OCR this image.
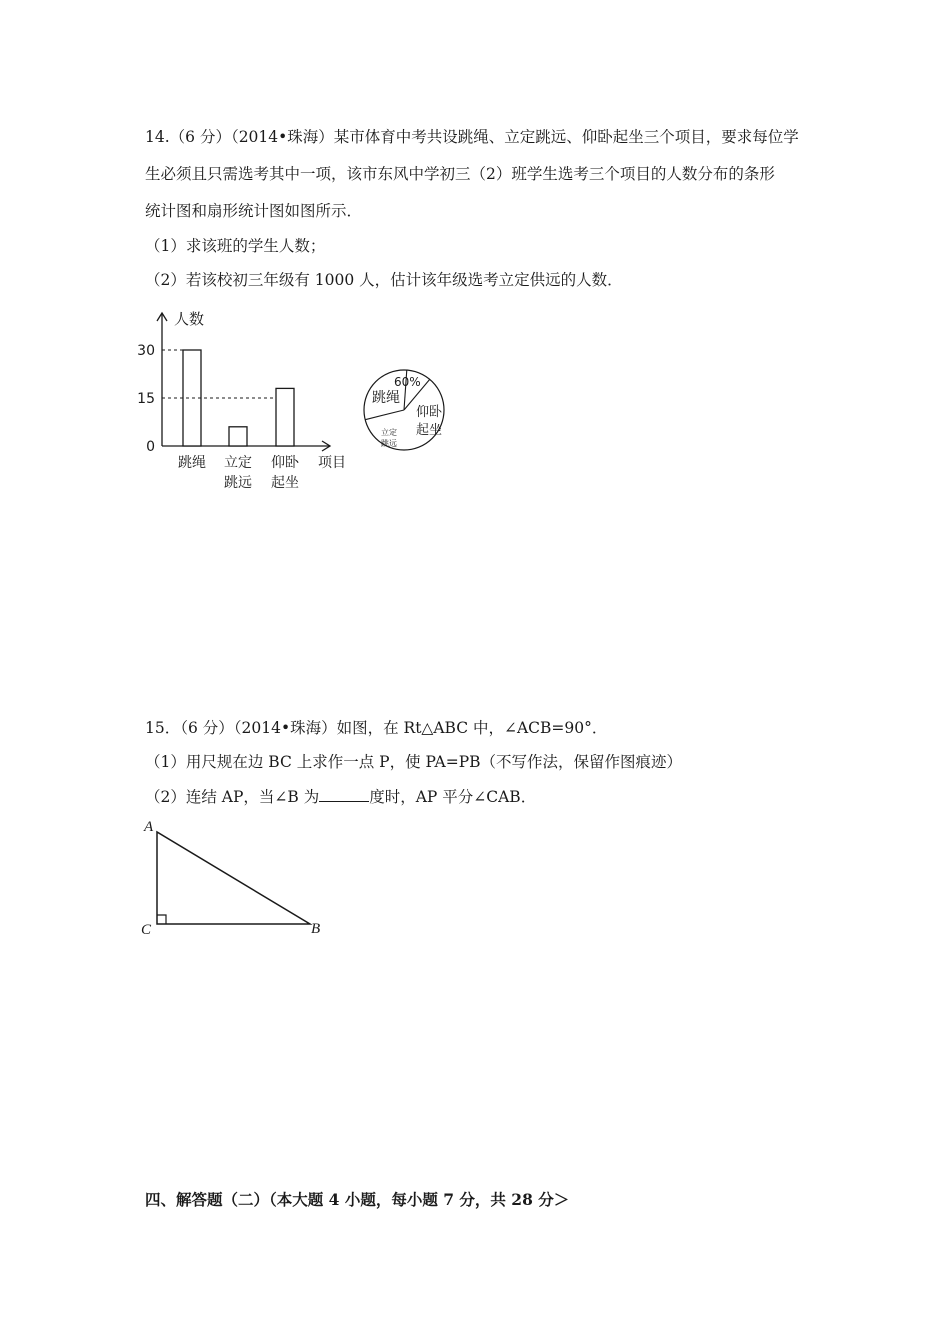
14.（6 分）（2014•珠海）某市体育中考共设跳绳、立定跳远、仰卧起坐三个项目，要求每位学
生必须且只需选考其中一项，该市东风中学初三（2）班学生选考三个项目的人数分布的条形
统计图和扇形统计图如图所示．
（1）求该班的学生人数；
（2）若该校初三年级有 1000 人，估计该年级选考立定供远的人数．
人数
项目
0
15
30
跳绳 立定
跳远
仰卧
起坐
60%
跳绳
仰卧
起坐
立定
跳远
15．（6 分）（2014•珠海）如图，在 Rt△ABC 中，∠ACB=90°．
（1）用尺规在边 BC 上求作一点 P，使 PA=PB（不写作法，保留作图痕迹）
（2）连结 AP，当∠B 为	度时，AP 平分∠CAB．
A
C	B
四、解答题（二）（本大题 4 小题，每小题 7 分，共 28 分＞
